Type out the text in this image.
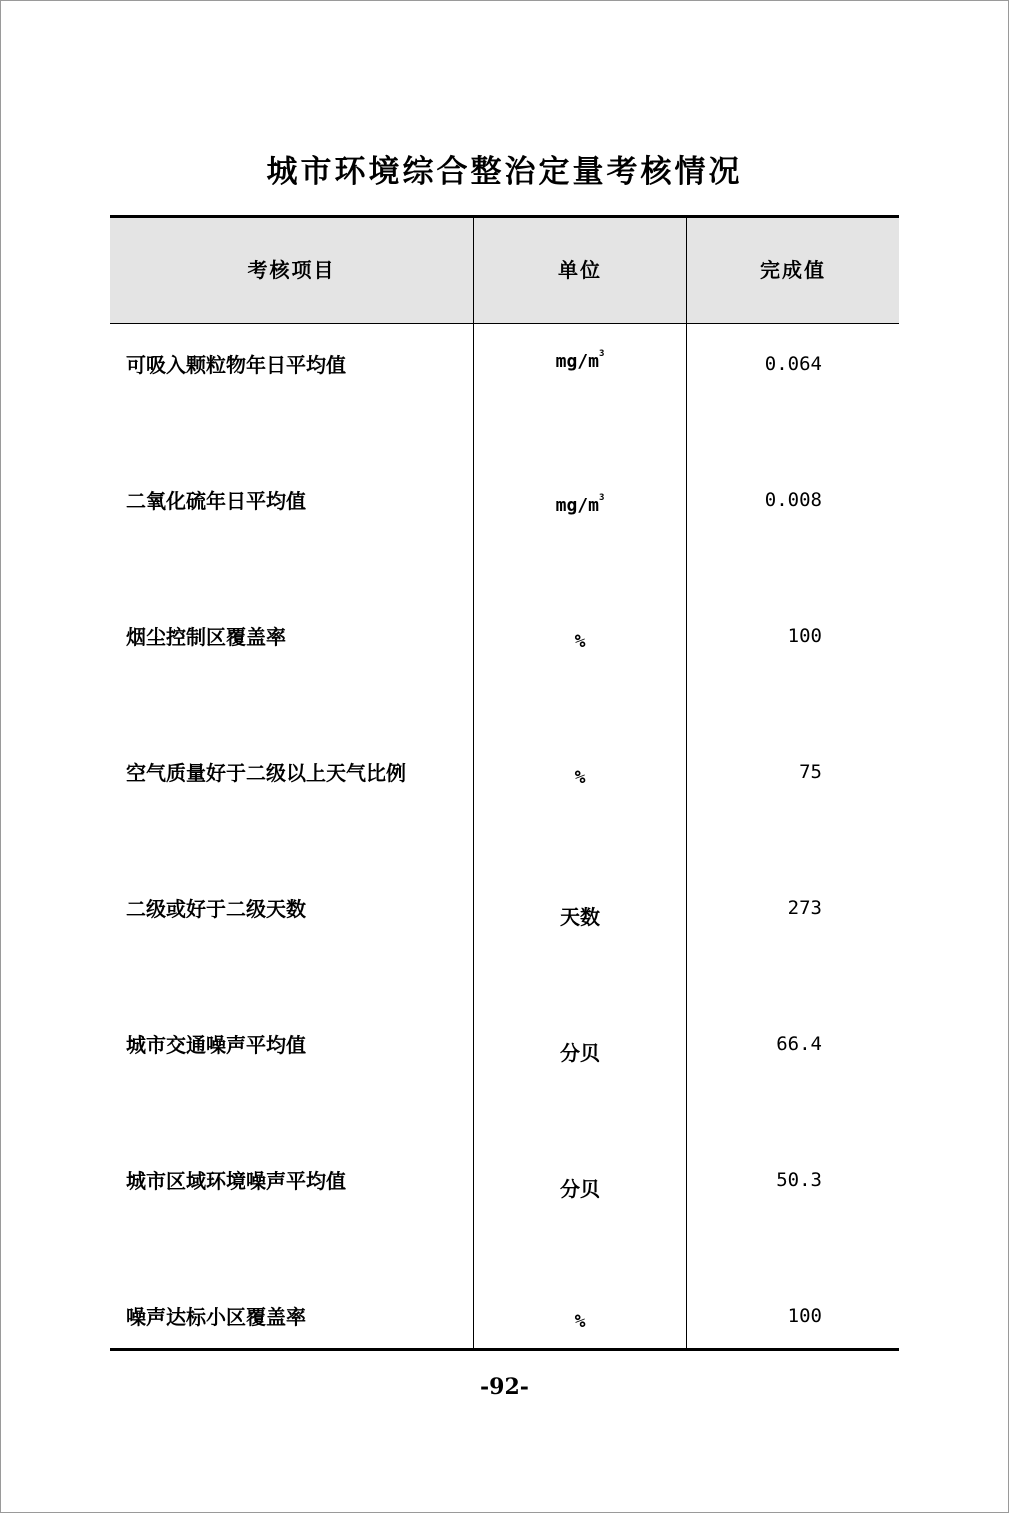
城市环境综合整治定量考核情况
考核项目	单位	完成值
可吸入颗粒物年日平均值	$mg/m^3$	0.064
二氧化硫年日平均值	$mg/m^3$	0.008
烟尘控制区覆盖率	%	100
空气质量好于二级以上天气比例	%	75
二级或好于二级天数	天数	273
城市交通噪声平均值	分贝	66.4
城市区域环境噪声平均值	分贝	50.3
噪声达标小区覆盖率	%	100
-92-
